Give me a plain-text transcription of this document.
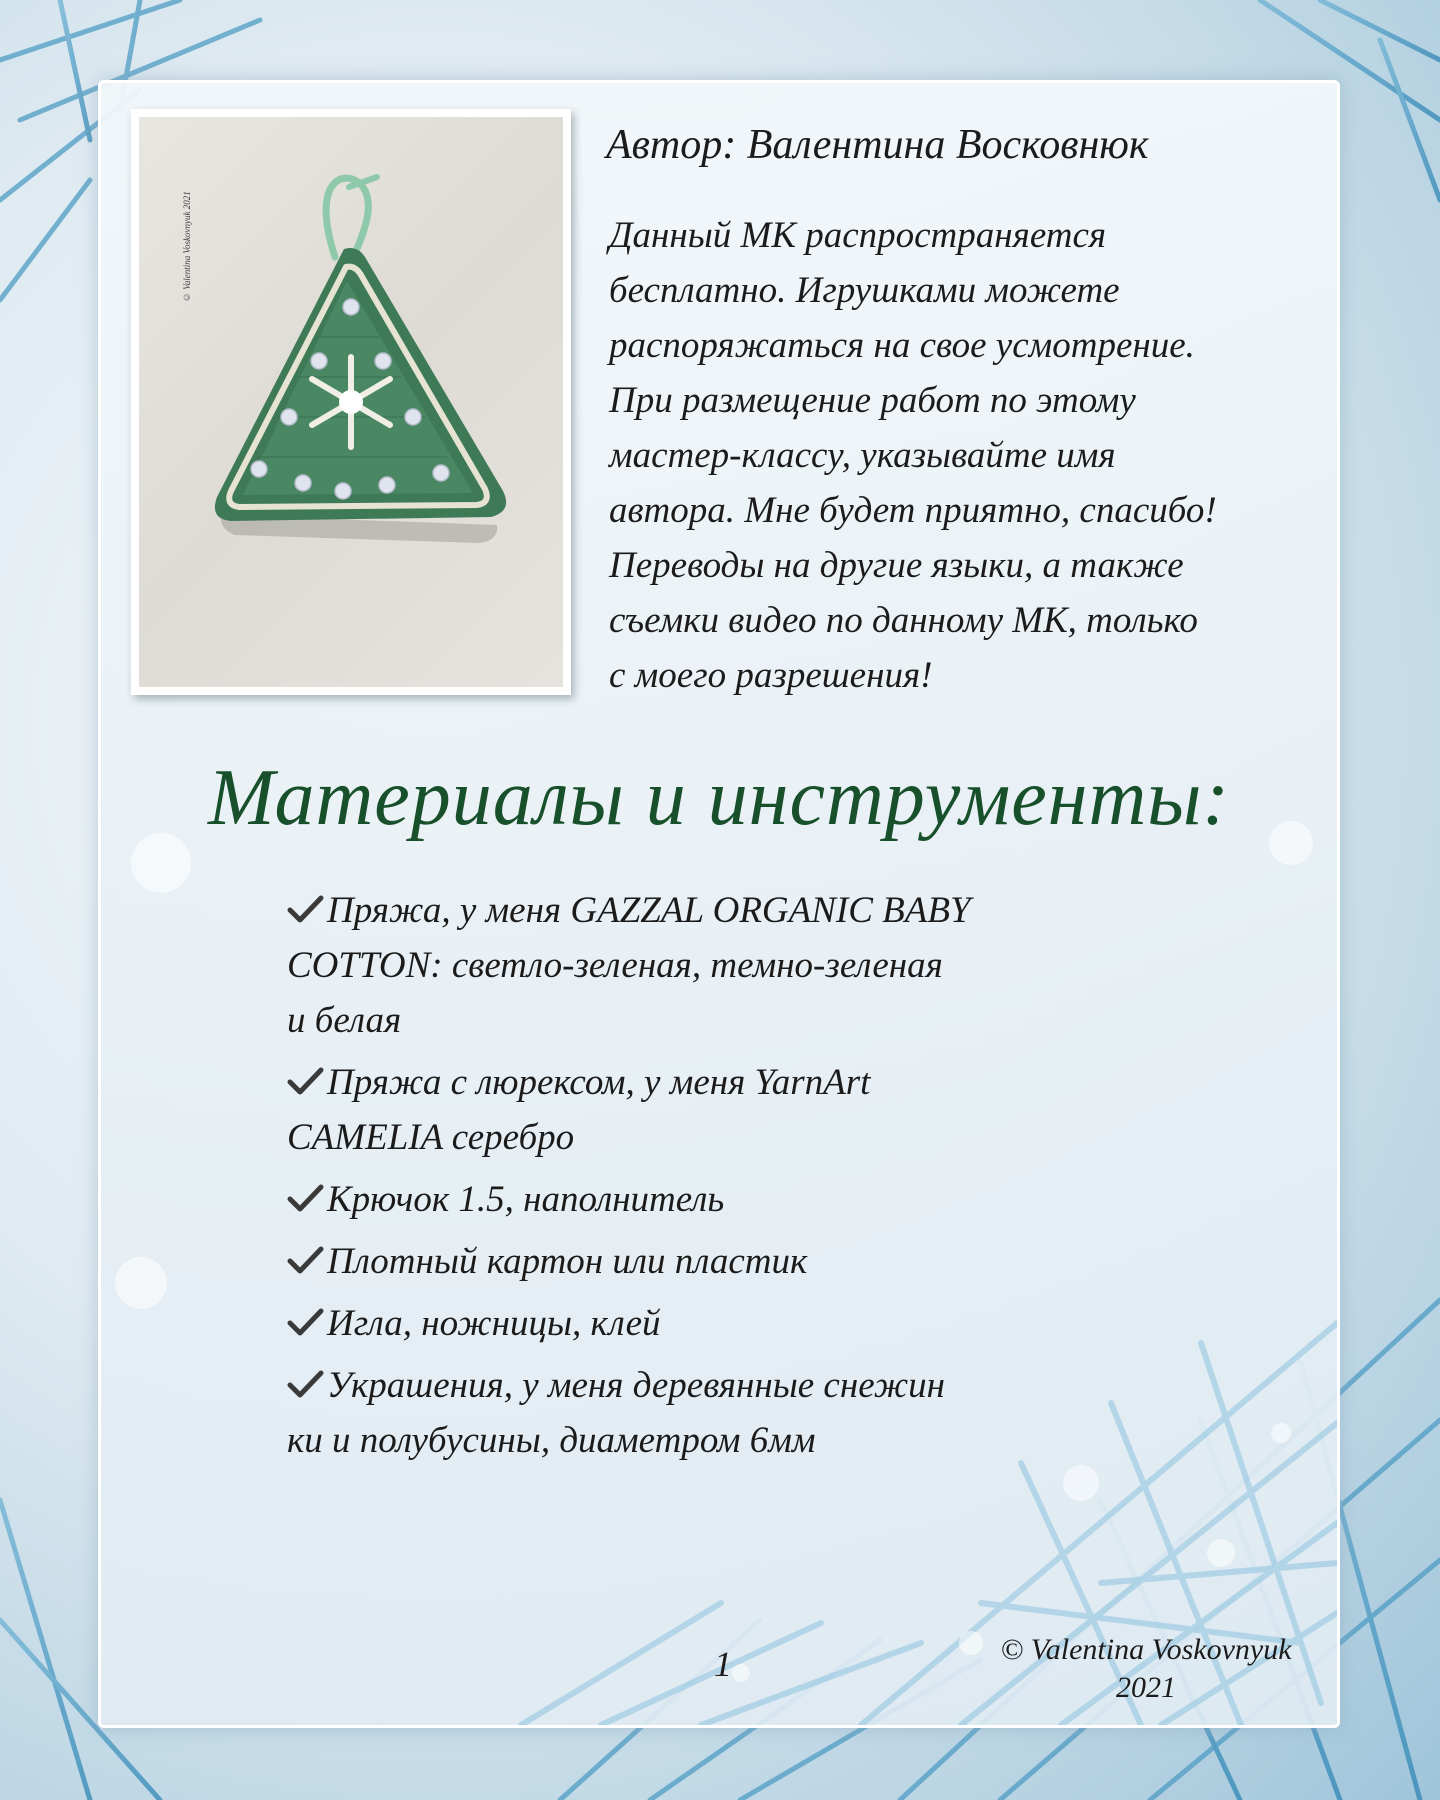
© Valentina Voskovnyuk 2021
Автор: Валентина Восковнюк
Данный МК распространяется
бесплатно. Игрушками можете
распоряжаться на свое усмотрение.
При размещение работ по этому
мастер-классу, указывайте имя
автора. Мне будет приятно, спасибо!
Переводы на другие языки, а также
съемки видео по данному МК, только
с моего разрешения!
Материалы и инструменты:
Пряжа, у меня GAZZAL ORGANIC BABY
COTTON: светло-зеленая, темно-зеленая
и белая
Пряжа с люрексом, у меня YarnArt
CAMELIA серебро
Крючок 1.5, наполнитель
Плотный картон или пластик
Игла, ножницы, клей
Украшения, у меня деревянные снежин
ки и полубусины, диаметром 6мм
1	© Valentina Voskovnyuk
2021
